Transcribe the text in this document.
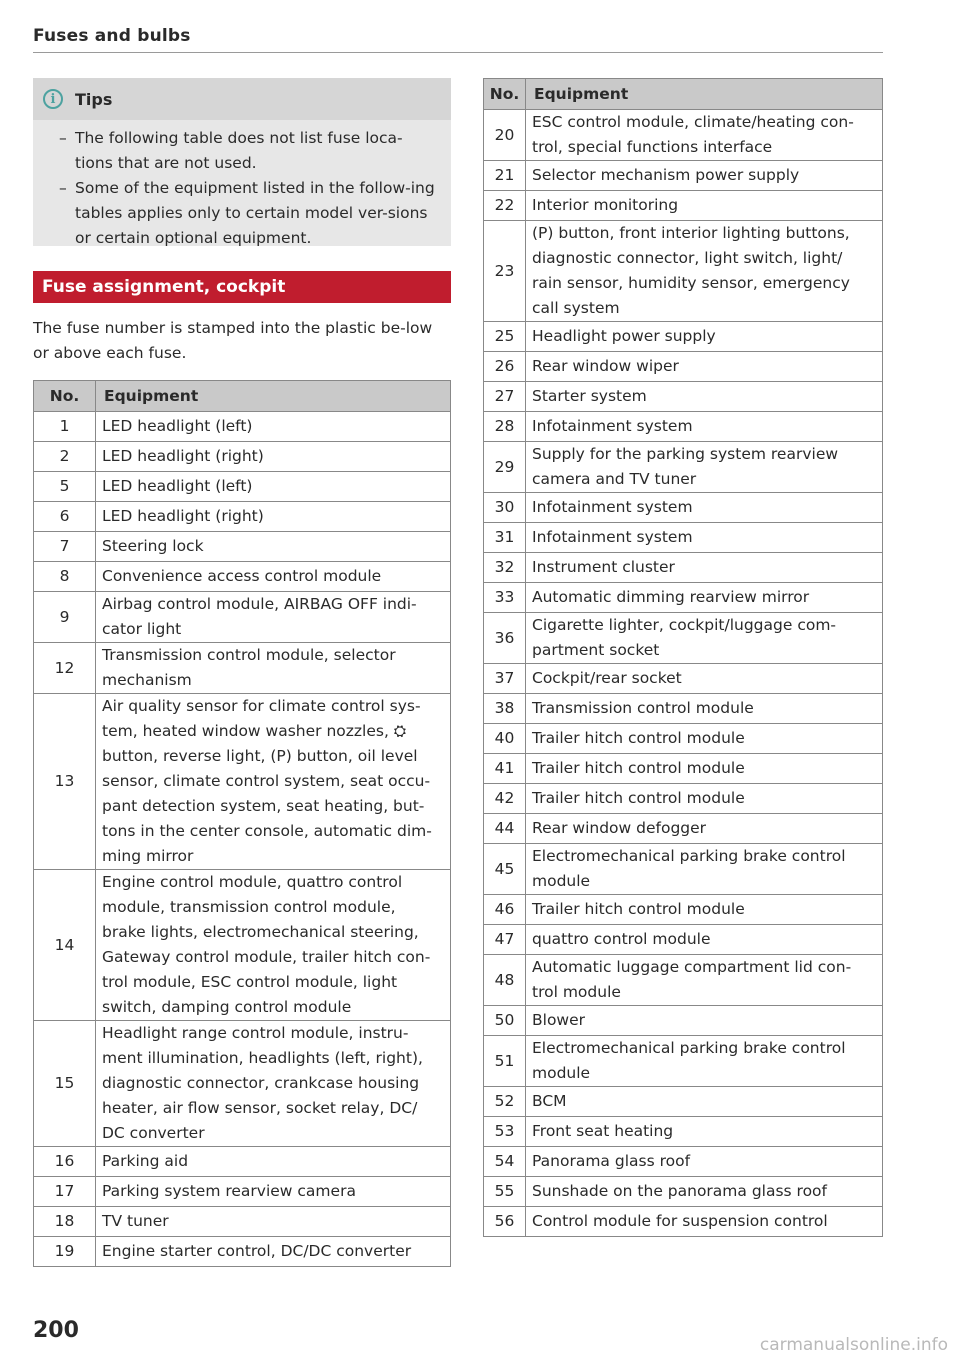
Fuses and bulbs
i	Tips
– The following table does not list fuse loca-tions that are not used.
– Some of the equipment listed in the follow-ing tables applies only to certain model ver-sions or certain optional equipment.
Fuse assignment, cockpit
The fuse number is stamped into the plastic be-low or above each fuse.
No.	Equipment
1	LED headlight (left)
2	LED headlight (right)
5	LED headlight (left)
6	LED headlight (right)
7	Steering lock
8	Convenience access control module
9	Airbag control module, AIRBAG OFF indi-cator light
12	Transmission control module, selector mechanism
13	Air quality sensor for climate control sys-tem, heated window washer nozzles, ⛭ button, reverse light, (P) button, oil level sensor, climate control system, seat occu-pant detection system, seat heating, but-tons in the center console, automatic dim-ming mirror
14	Engine control module, quattro control module, transmission control module, brake lights, electromechanical steering, Gateway control module, trailer hitch con-trol module, ESC control module, light switch, damping control module
15	Headlight range control module, instru-ment illumination, headlights (left, right), diagnostic connector, crankcase housing heater, air flow sensor, socket relay, DC/ DC converter
16	Parking aid
17	Parking system rearview camera
18	TV tuner
19	Engine starter control, DC/DC converter
No.	Equipment
20	ESC control module, climate/heating con-trol, special functions interface
21	Selector mechanism power supply
22	Interior monitoring
23	(P) button, front interior lighting buttons, diagnostic connector, light switch, light/ rain sensor, humidity sensor, emergency call system
25	Headlight power supply
26	Rear window wiper
27	Starter system
28	Infotainment system
29	Supply for the parking system rearview camera and TV tuner
30	Infotainment system
31	Infotainment system
32	Instrument cluster
33	Automatic dimming rearview mirror
36	Cigarette lighter, cockpit/luggage com-partment socket
37	Cockpit/rear socket
38	Transmission control module
40	Trailer hitch control module
41	Trailer hitch control module
42	Trailer hitch control module
44	Rear window defogger
45	Electromechanical parking brake control module
46	Trailer hitch control module
47	quattro control module
48	Automatic luggage compartment lid con-trol module
50	Blower
51	Electromechanical parking brake control module
52	BCM
53	Front seat heating
54	Panorama glass roof
55	Sunshade on the panorama glass roof
56	Control module for suspension control
200
carmanualsonline.info
